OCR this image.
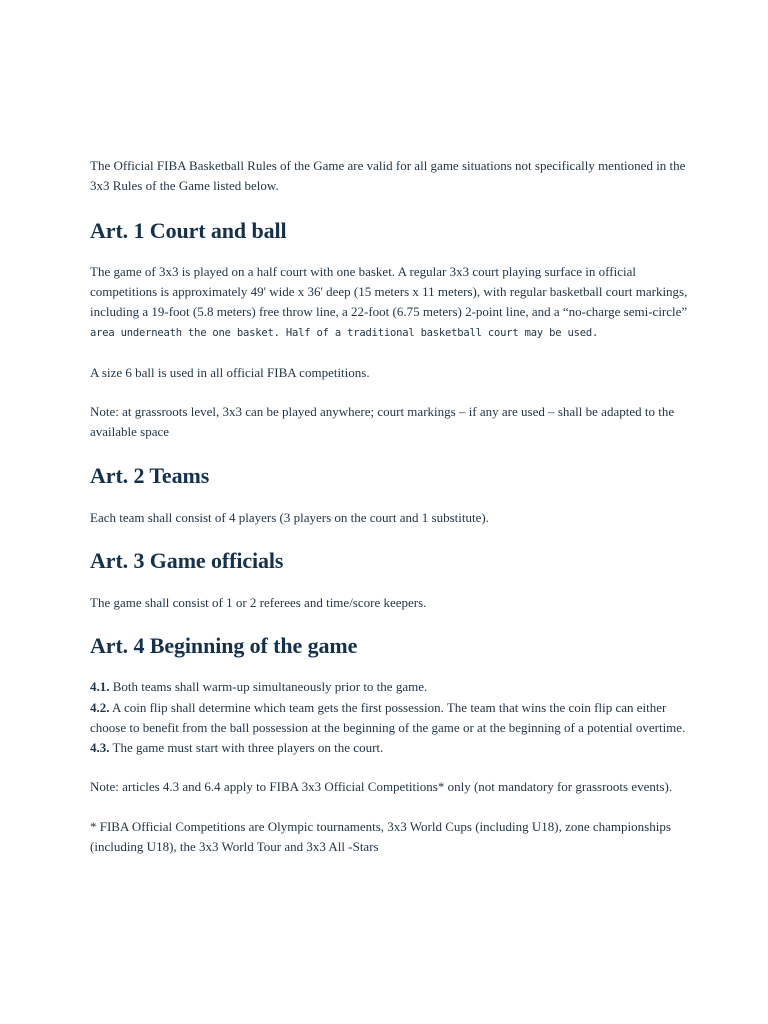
The Official FIBA Basketball Rules of the Game are valid for all game situations not specifically mentioned in the 3x3 Rules of the Game listed below.

Art. 1 Court and ball

The game of 3x3 is played on a half court with one basket. A regular 3x3 court playing surface in official competitions is approximately 49' wide x 36' deep (15 meters x 11 meters), with regular basketball court markings, including a 19-foot (5.8 meters) free throw line, a 22-foot (6.75 meters) 2-point line, and a “no-charge semi-circle” area underneath the one basket. Half of a traditional basketball court may be used.

A size 6 ball is used in all official FIBA competitions.

Note: at grassroots level, 3x3 can be played anywhere; court markings – if any are used – shall be adapted to the available space

Art. 2 Teams

Each team shall consist of 4 players (3 players on the court and 1 substitute).

Art. 3 Game officials

The game shall consist of 1 or 2 referees and time/score keepers.

Art. 4 Beginning of the game

4.1. Both teams shall warm-up simultaneously prior to the game.

4.2. A coin flip shall determine which team gets the first possession. The team that wins the coin flip can either choose to benefit from the ball possession at the beginning of the game or at the beginning of a potential overtime.

4.3. The game must start with three players on the court.

Note: articles 4.3 and 6.4 apply to FIBA 3x3 Official Competitions* only (not mandatory for grassroots events).

* FIBA Official Competitions are Olympic tournaments, 3x3 World Cups (including U18), zone championships (including U18), the 3x3 World Tour and 3x3 All -Stars
